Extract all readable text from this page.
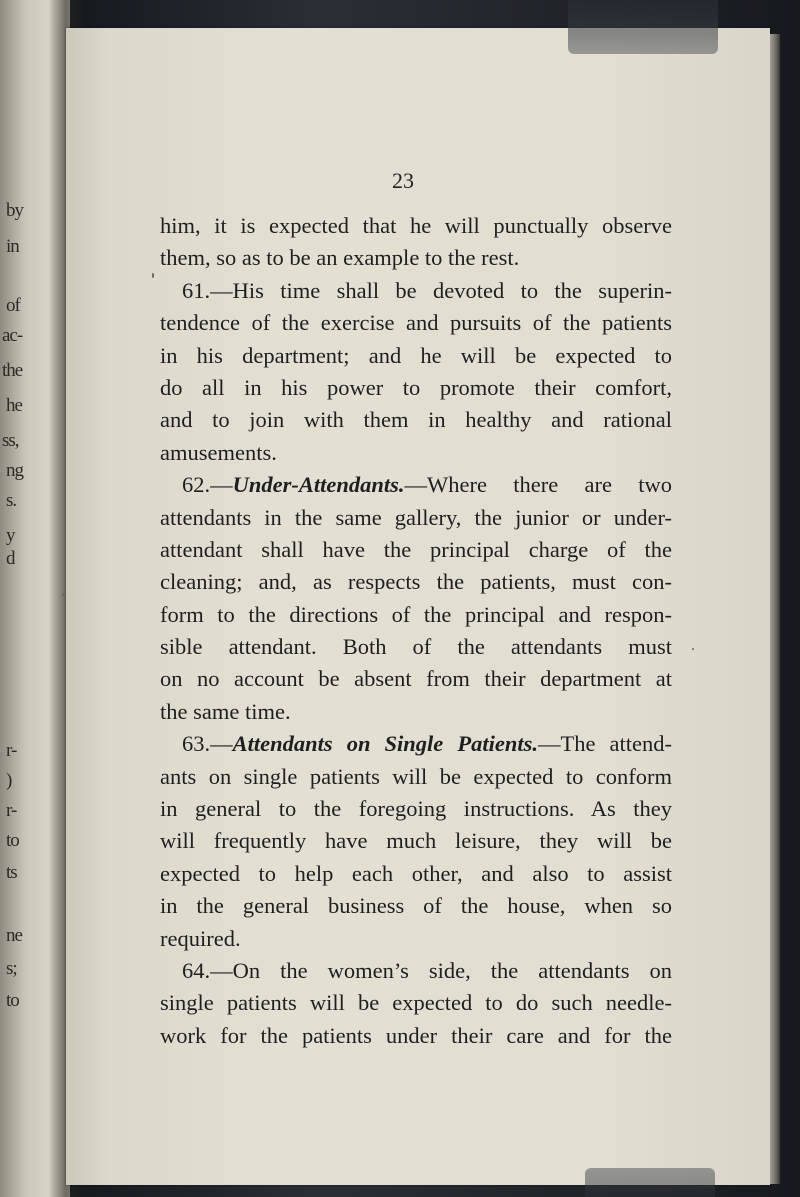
by
in
of
ac-
the
he
ss,
ng
s.
y
d
r-
)
r-
to
ts
ne
s;
to
23
him, it is expected that he will punctually observe
them, so as to be an example to the rest.
61.—His time shall be devoted to the superin-
tendence of the exercise and pursuits of the patients
in his department; and he will be expected to
do all in his power to promote their comfort,
and to join with them in healthy and rational
amusements.
62.—Under-Attendants.—Where there are two
attendants in the same gallery, the junior or under-
attendant shall have the principal charge of the
cleaning; and, as respects the patients, must con-
form to the directions of the principal and respon-
sible attendant. Both of the attendants must
on no account be absent from their department at
the same time.
63.—Attendants on Single Patients.—The attend-
ants on single patients will be expected to conform
in general to the foregoing instructions. As they
will frequently have much leisure, they will be
expected to help each other, and also to assist
in the general business of the house, when so
required.
64.—On the women’s side, the attendants on
single patients will be expected to do such needle-
work for the patients under their care and for the
